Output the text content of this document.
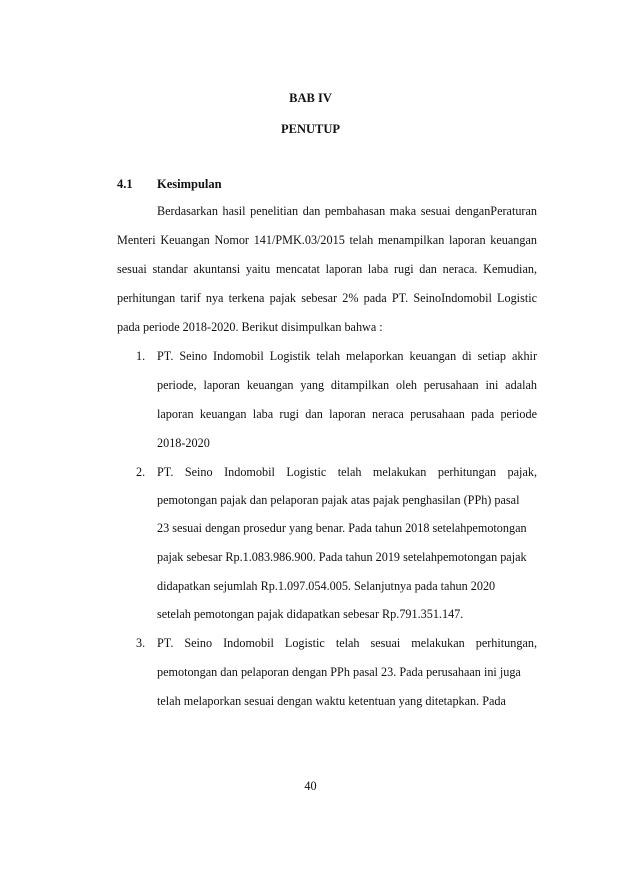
BAB IV
PENUTUP
4.1 Kesimpulan
Berdasarkan hasil penelitian dan pembahasan maka sesuai denganPeraturan
Menteri Keuangan Nomor 141/PMK.03/2015 telah menampilkan laporan keuangan
sesuai standar akuntansi yaitu mencatat laporan laba rugi dan neraca. Kemudian,
perhitungan tarif nya terkena pajak sebesar 2% pada PT. SeinoIndomobil Logistic
pada periode 2018-2020. Berikut disimpulkan bahwa :
1. PT. Seino Indomobil Logistik telah melaporkan keuangan di setiap akhir
periode, laporan keuangan yang ditampilkan oleh perusahaan ini adalah
laporan keuangan laba rugi dan laporan neraca perusahaan pada periode
2018-2020
2. PT. Seino Indomobil Logistic telah melakukan perhitungan pajak,
pemotongan pajak dan pelaporan pajak atas pajak penghasilan (PPh) pasal
23 sesuai dengan prosedur yang benar. Pada tahun 2018 setelahpemotongan
pajak sebesar Rp.1.083.986.900. Pada tahun 2019 setelahpemotongan pajak
didapatkan sejumlah Rp.1.097.054.005. Selanjutnya pada tahun 2020
setelah pemotongan pajak didapatkan sebesar Rp.791.351.147.
3. PT. Seino Indomobil Logistic telah sesuai melakukan perhitungan,
pemotongan dan pelaporan dengan PPh pasal 23. Pada perusahaan ini juga
telah melaporkan sesuai dengan waktu ketentuan yang ditetapkan. Pada
40
